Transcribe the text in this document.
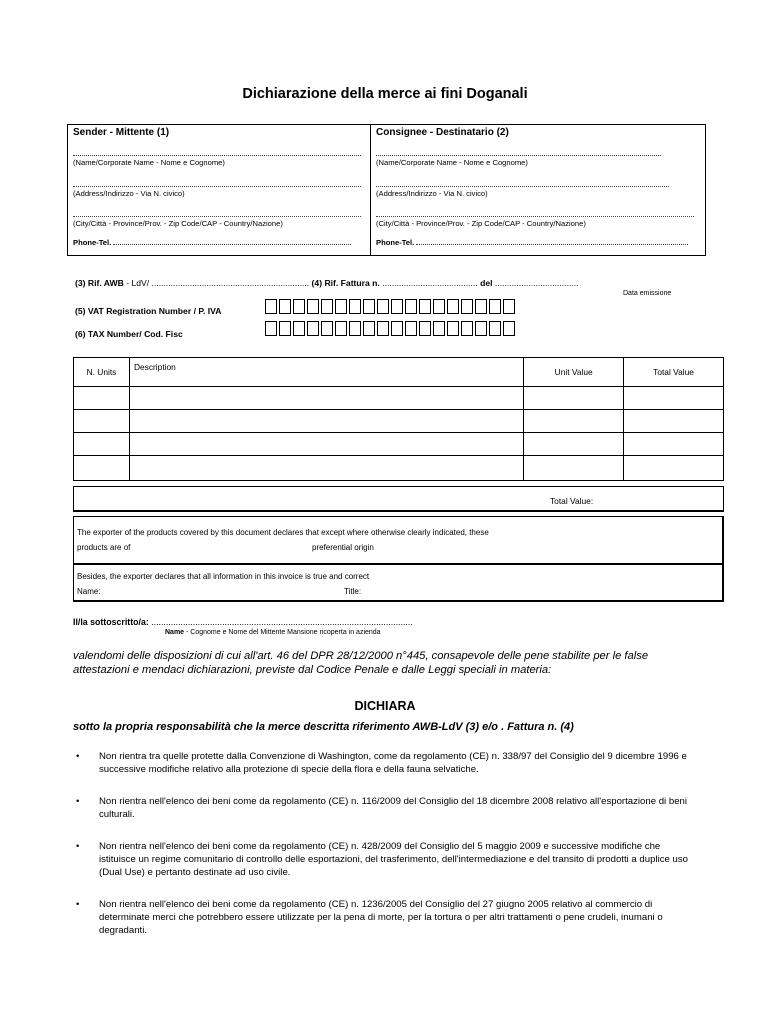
Dichiarazione della merce ai fini Doganali
Sender - Mittente (1)
(Name/Corporate Name - Nome e Cognome)
(Address/Indirizzo - Via N. civico)
(City/Città - Province/Prov. - Zip Code/CAP - Country/Nazione)
Phone-Tel.
Consignee - Destinatario (2)
(Name/Corporate Name - Nome e Cognome)
(Address/Indirizzo - Via N. civico)
(City/Città - Province/Prov. - Zip Code/CAP - Country/Nazione)
Phone-Tel.
(3) Rif. AWB - LdV/ .................................................................. (4) Rif. Fattura n. ........................................ del ...................................
Data emissione
(5) VAT Registration Number / P. IVA
(6) TAX Number/ Cod. Fisc
N. Units	Description	Unit Value	Total Value

Total Value:
The exporter of the products covered by this document declares that except where otherwise clearly indicated, these
products are of	preferential origin
Besides, the exporter declares that all information in this invoice is true and correct
Name:	Title:
Il/la sottoscritto/a: ...........................................................................................................
Name - Cognome e Nome del Mittente Mansione ricoperta in azienda
valendomi delle disposizioni di cui all'art. 46 del DPR 28/12/2000 n°445, consapevole delle pene stabilite per le false attestazioni e mendaci dichiarazioni, previste dal Codice Penale e dalle Leggi speciali in materia:
DICHIARA
sotto la propria responsabilità che la merce descritta riferimento AWB-LdV (3) e/o . Fattura n. (4)
• Non rientra tra quelle protette dalla Convenzione di Washington, come da regolamento (CE) n. 338/97 del Consiglio del 9 dicembre 1996 e successive modifiche relativo alla protezione di specie della flora e della fauna selvatiche.
• Non rientra nell'elenco dei beni come da regolamento (CE) n. 116/2009 del Consiglio del 18 dicembre 2008 relativo all'esportazione di beni culturali.
• Non rientra nell'elenco dei beni come da regolamento (CE) n. 428/2009 del Consiglio del 5 maggio 2009 e successive modifiche che istituisce un regime comunitario di controllo delle esportazioni, del trasferimento, dell'intermediazione e del transito di prodotti a duplice uso (Dual Use) e pertanto destinate ad uso civile.
• Non rientra nell'elenco dei beni come da regolamento (CE) n. 1236/2005 del Consiglio del 27 giugno 2005 relativo al commercio di determinate merci che potrebbero essere utilizzate per la pena di morte, per la tortura o per altri trattamenti o pene crudeli, inumani o degradanti.
